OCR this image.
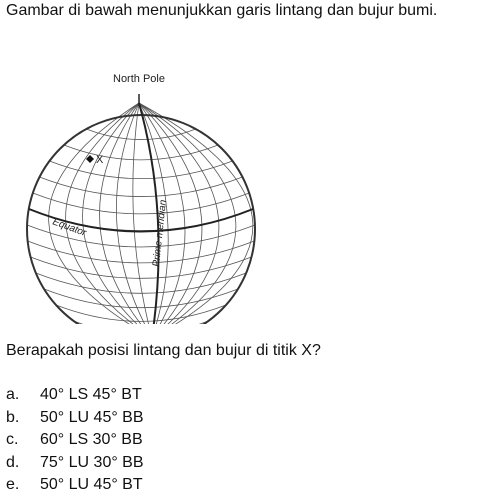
Gambar di bawah menunjukkan garis lintang dan bujur bumi.
North Pole
X
Equator	Prime meridian
Berapakah posisi lintang dan bujur di titik X?
a.	40° LS 45° BT
b.	50° LU 45° BB
c.	60° LS 30° BB
d.	75° LU 30° BB
e.	50° LU 45° BT
